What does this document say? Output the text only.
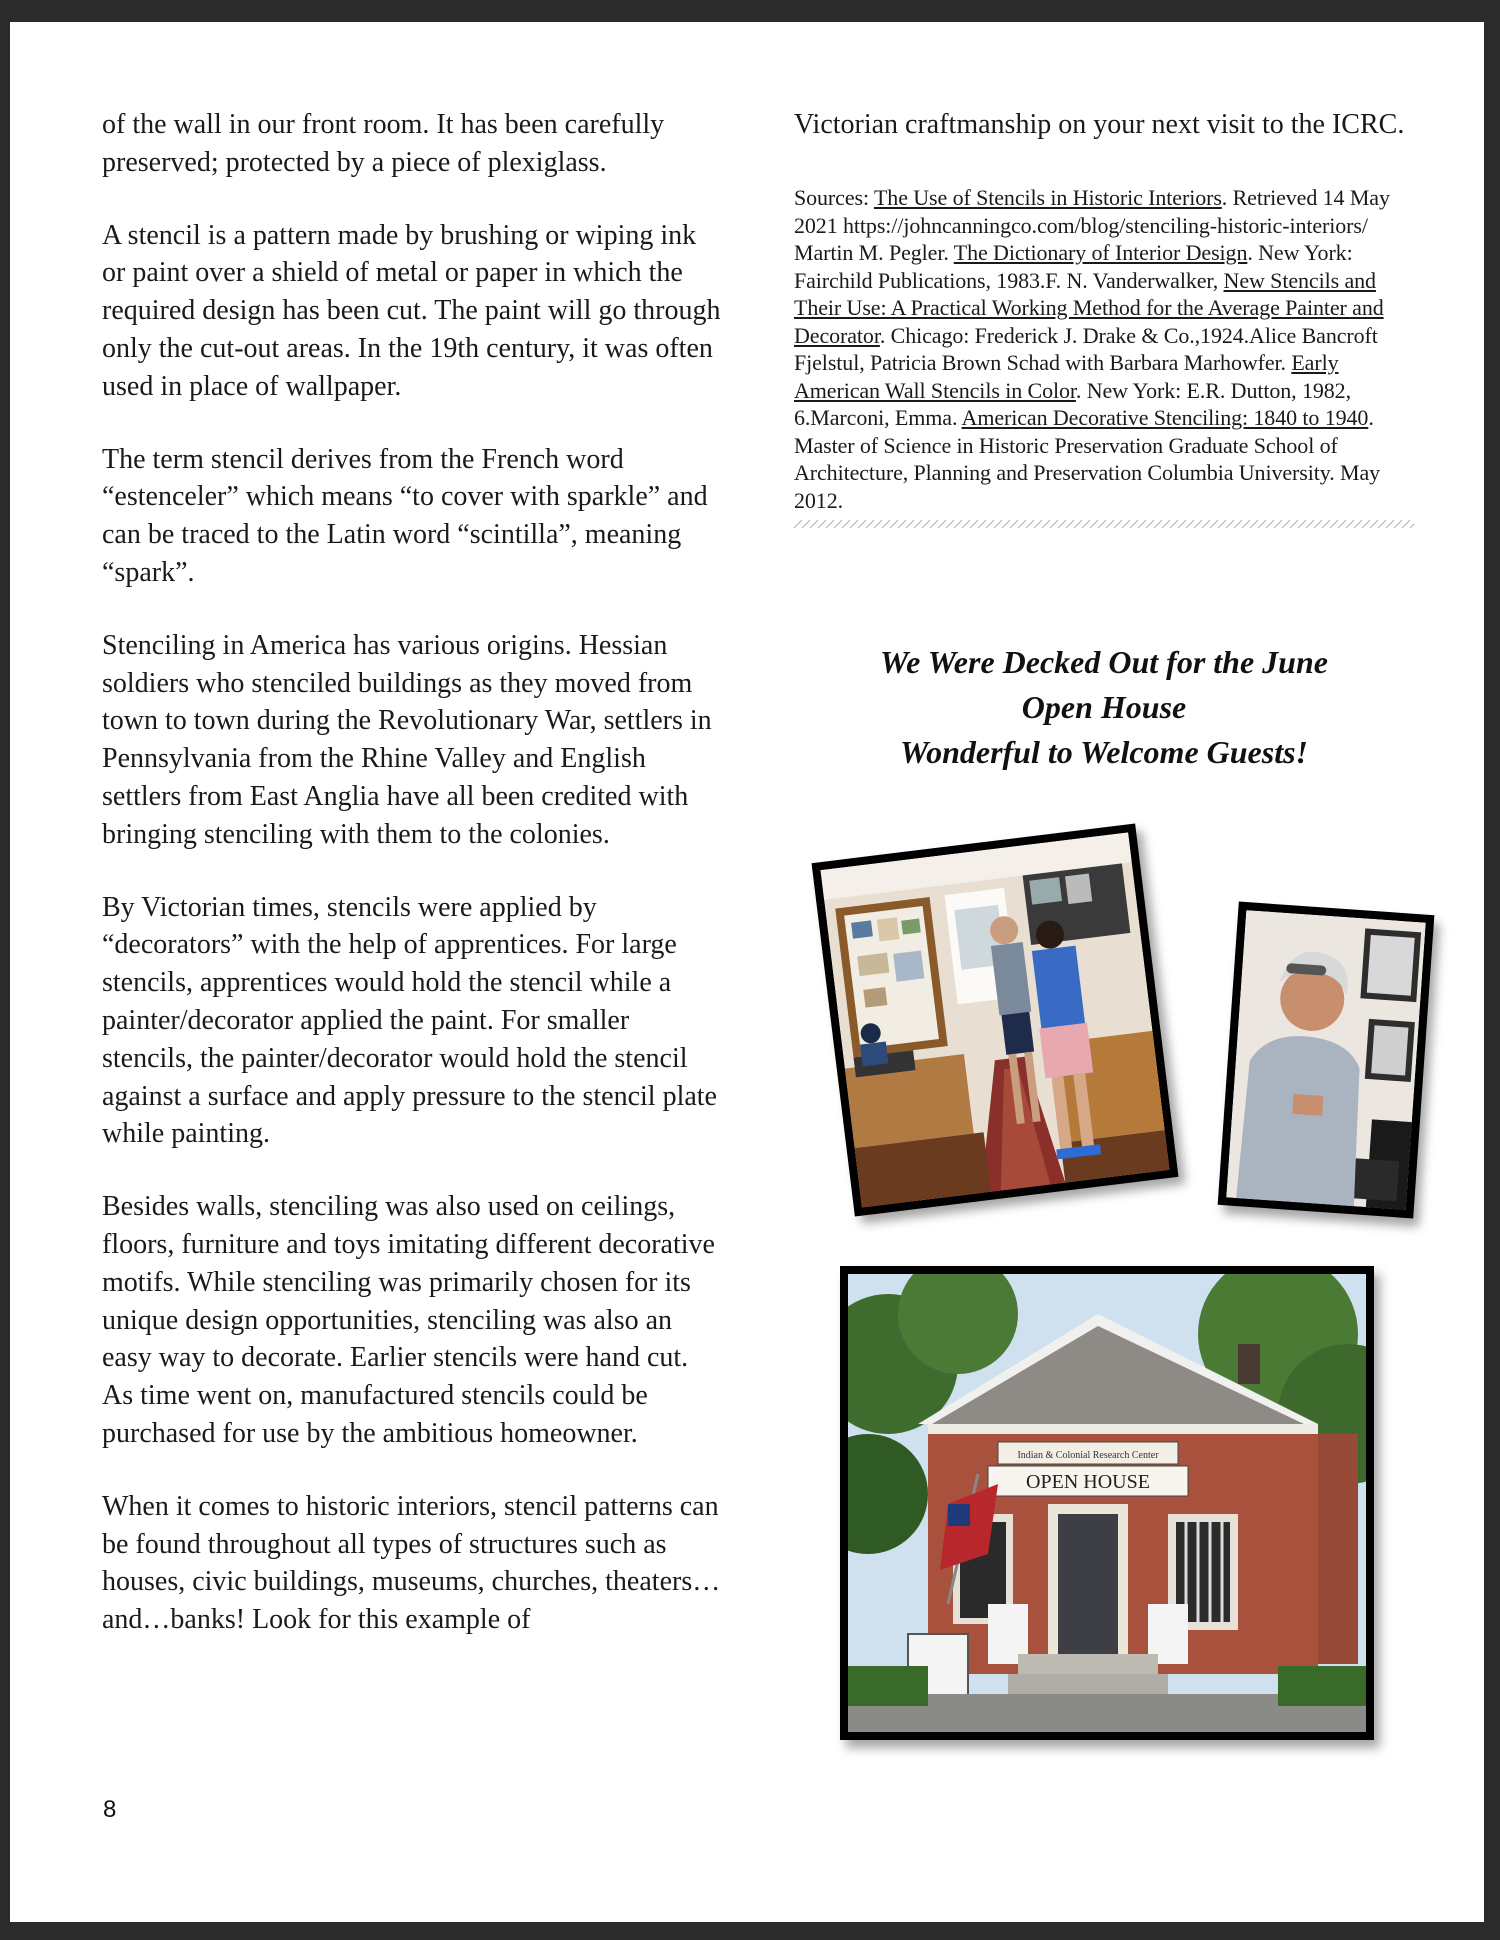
of the wall in our front room. It has been carefully preserved; protected by a piece of plexiglass.

A stencil is a pattern made by brushing or wiping ink or paint over a shield of metal or paper in which the required design has been cut. The paint will go through only the cut-out areas. In the 19th century, it was often used in place of wallpaper.

The term stencil derives from the French word “estenceler” which means “to cover with sparkle” and can be traced to the Latin word “scintilla”, meaning “spark”.

Stenciling in America has various origins. Hessian soldiers who stenciled buildings as they moved from town to town during the Revolutionary War, settlers in Pennsylvania from the Rhine Valley and English settlers from East Anglia have all been credited with bringing stenciling with them to the colonies.

By Victorian times, stencils were applied by “decorators” with the help of apprentices. For large stencils, apprentices would hold the stencil while a painter/decorator applied the paint. For smaller stencils, the painter/decorator would hold the stencil against a surface and apply pressure to the stencil plate while painting.

Besides walls, stenciling was also used on ceilings, floors, furniture and toys imitating different decorative motifs. While stenciling was primarily chosen for its unique design opportunities, stenciling was also an easy way to decorate. Earlier stencils were hand cut. As time went on, manufactured stencils could be purchased for use by the ambitious homeowner.

When it comes to historic interiors, stencil patterns can be found throughout all types of structures such as houses, civic buildings, museums, churches, theaters…and…banks! Look for this example of

Victorian craftmanship on your next visit to the ICRC.

Sources: The Use of Stencils in Historic Interiors. Retrieved 14 May 2021 https://johncanningco.com/blog/stenciling-historic-interiors/ Martin M. Pegler. The Dictionary of Interior Design. New York: Fairchild Publications, 1983.F. N. Vanderwalker, New Stencils and Their Use: A Practical Working Method for the Average Painter and Decorator. Chicago: Frederick J. Drake & Co.,1924.Alice Bancroft Fjelstul, Patricia Brown Schad with Barbara Marhowfer. Early American Wall Stencils in Color. New York: E.R. Dutton, 1982, 6.Marconi, Emma. American Decorative Stenciling: 1840 to 1940. Master of Science in Historic Preservation Graduate School of Architecture, Planning and Preservation Columbia University. May 2012.

We Were Decked Out for the June
Open House
Wonderful to Welcome Guests!
Indian & Colonial Research Center
OPEN HOUSE
8
